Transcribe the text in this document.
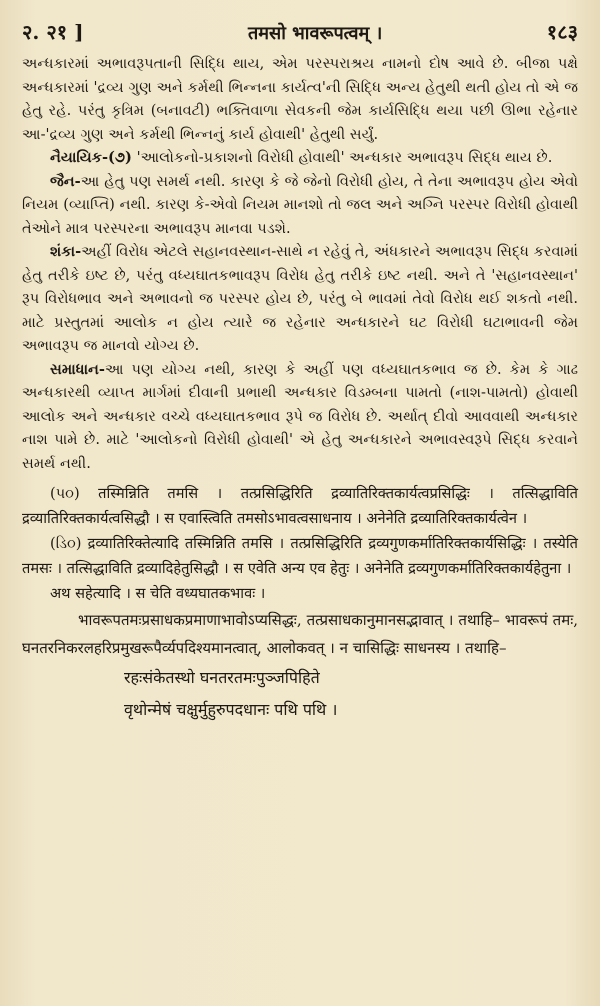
२. २१ ]	तमसो भावरूपत्वम् ।	१८३

અન્ધકારમાં અભાવરૂપતાની સિદ્ધિ થાય, એમ પરસ્પરાશ્રય નામનો દોષ આવે છે. બીજા પક્ષે અન્ધકારમાં 'દ્રવ્ય ગુણ અને કર્મથી ભિન્નના કાર્યત્વ'ની સિદ્ધિ અન્ય હેતુથી થતી હોય તો એ જ હેતુ રહે. પરંતુ કૃત્રિમ (બનાવટી) ભક્તિવાળા સેવકની જેમ કાર્યસિદ્ધિ થયા પછી ઊભા રહેનાર આ-'દ્રવ્ય ગુણ અને કર્મથી ભિન્નનું કાર્ય હોવાથી' હેતુથી સર્યું.

નૈયાયિક-(૭) 'આલોકનો-પ્રકાશનો વિરોધી હોવાથી' અન્ધકાર અભાવરૂપ સિદ્ધ થાય છે.

જૈન-આ હેતુ પણ સમર્થ નથી. કારણ કે જે જેનો વિરોધી હોય, તે તેના અભાવરૂપ હોય એવો નિયમ (વ્યાપ્તિ) નથી. કારણ કે-એવો નિયમ માનશો તો જલ અને અગ્નિ પરસ્પર વિરોધી હોવાથી તેઓને માત્ર પરસ્પરના અભાવરૂપ માનવા પડશે.

શંકા-અહીં વિરોધ એટલે સહાનવસ્થાન-સાથે ન રહેવું તે, અંધકારને અભાવરૂપ સિદ્ધ કરવામાં હેતુ તરીકે ઇષ્ટ છે, પરંતુ વધ્યઘાતકભાવરૂપ વિરોધ હેતુ તરીકે ઇષ્ટ નથી. અને તે 'સહાનવસ્થાન' રૂપ વિરોધભાવ અને અભાવનો જ પરસ્પર હોય છે, પરંતુ બે ભાવમાં તેવો વિરોધ થઈ શકતો નથી. માટે પ્રસ્તુતમાં આલોક ન હોય ત્યારે જ રહેનાર અન્ધકારને ઘટ વિરોધી ઘટાભાવની જેમ અભાવરૂપ જ માનવો યોગ્ય છે.

સમાધાન-આ પણ યોગ્ય નથી, કારણ કે અહીં પણ વધ્યઘાતકભાવ જ છે. કેમ કે ગાઢ અન્ધકારથી વ્યાપ્ત માર્ગમાં દીવાની પ્રભાથી અન્ધકાર વિડમ્બના પામતો (નાશ-પામતો) હોવાથી આલોક અને અન્ધકાર વચ્ચે વધ્યઘાતકભાવ રૂપે જ વિરોધ છે. અર્થાત્ દીવો આવવાથી અન્ધકાર નાશ પામે છે. માટે 'આલોકનો વિરોધી હોવાથી' એ હેતુ અન્ધકારને અભાવસ્વરૂપે સિદ્ધ કરવાને સમર્થ નથી.

(પ૦) तस्मिन्निति तमसि । तत्प्रसिद्धिरिति द्रव्यातिरिक्तकार्यत्वप्रसिद्धिः । तत्सिद्धाविति द्रव्यातिरिक्तकार्यत्वसिद्धौ । स एवास्त्विति तमसोऽभावत्वसाधनाय । अनेनेति द्रव्यातिरिक्तकार्यत्वेन ।

(ડિ૦) द्रव्यातिरिक्तेत्यादि तस्मिन्निति तमसि । तत्प्रसिद्धिरिति द्रव्यगुणकर्मातिरिक्तकार्यसिद्धिः । तस्येति तमसः । तत्सिद्धाविति द्रव्यादिहेतुसिद्धौ । स एवेति अन्य एव हेतुः । अनेनेति द्रव्यगुणकर्मातिरिक्तकार्यहेतुना ।

अथ सहेत्यादि । स चेति वध्यघातकभावः ।

भावरूपतमःप्रसाधकप्रमाणाभावोऽप्यसिद्धः, तत्प्रसाधकानुमानसद्भावात् । तथाहि– भावरूपं तमः, घनतरनिकरलहरिप्रमुखरूपैर्व्यपदिश्यमानत्वात्, आलोकवत् । न चासिद्धिः साधनस्य । तथाहि–

रहःसंकेतस्थो घनतरतमःपुञ्जपिहिते

वृथोन्मेषं चक्षुर्मुहुरुपदधानः पथि पथि ।
